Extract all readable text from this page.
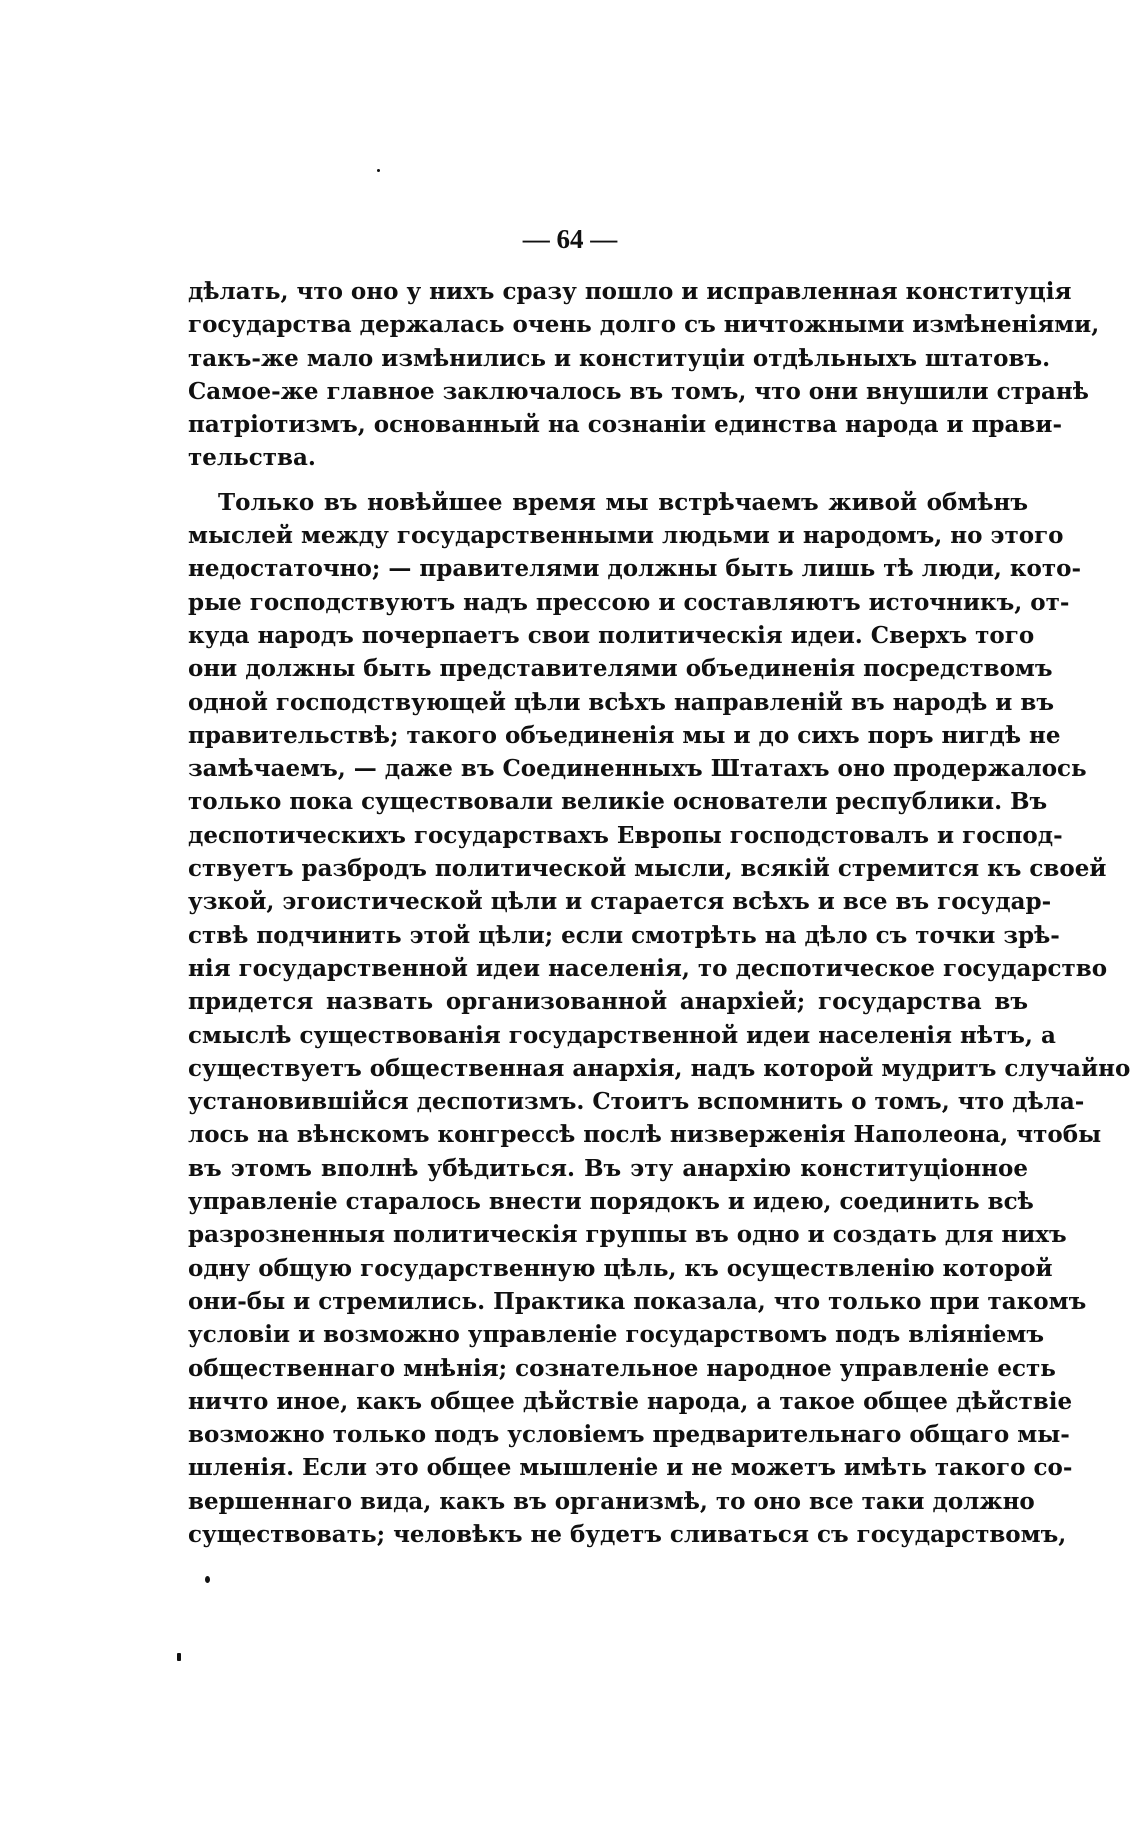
— 64 —
дѣлать, что оно у нихъ сразу пошло и исправленная конституція
государства держалась очень долго съ ничтожными измѣненіями,
такъ-же мало измѣнились и конституціи отдѣльныхъ штатовъ.
Самое-же главное заключалось въ томъ, что они внушили странѣ
патріотизмъ, основанный на сознаніи единства народа и прави-
тельства.
Только въ новѣйшее время мы встрѣчаемъ живой обмѣнъ
мыслей между государственными людьми и народомъ, но этого
недостаточно; — правителями должны быть лишь тѣ люди, кото-
рые господствуютъ надъ прессою и составляютъ источникъ, от-
куда народъ почерпаетъ свои политическія идеи. Сверхъ того
они должны быть представителями объединенія посредствомъ
одной господствующей цѣли всѣхъ направленій въ народѣ и въ
правительствѣ; такого объединенія мы и до сихъ поръ нигдѣ не
замѣчаемъ, — даже въ Соединенныхъ Штатахъ оно продержалось
только пока существовали великіе основатели республики. Въ
деспотическихъ государствахъ Европы господстовалъ и господ-
ствуетъ разбродъ политической мысли, всякій стремится къ своей
узкой, эгоистической цѣли и старается всѣхъ и все въ государ-
ствѣ подчинить этой цѣли; если смотрѣть на дѣло съ точки зрѣ-
нія государственной идеи населенія, то деспотическое государство
придется назвать организованной анархіей; государства въ
смыслѣ существованія государственной идеи населенія нѣтъ, а
существуетъ общественная анархія, надъ которой мудритъ случайно
установившійся деспотизмъ. Стоитъ вспомнить о томъ, что дѣла-
лось на вѣнскомъ конгрессѣ послѣ низверженія Наполеона, чтобы
въ этомъ вполнѣ убѣдиться. Въ эту анархію конституціонное
управленіе старалось внести порядокъ и идею, соединить всѣ
разрозненныя политическія группы въ одно и создать для нихъ
одну общую государственную цѣль, къ осуществленію которой
они-бы и стремились. Практика показала, что только при такомъ
условіи и возможно управленіе государствомъ подъ вліяніемъ
общественнаго мнѣнія; сознательное народное управленіе есть
ничто иное, какъ общее дѣйствіе народа, а такое общее дѣйствіе
возможно только подъ условіемъ предварительнаго общаго мы-
шленія. Если это общее мышленіе и не можетъ имѣть такого со-
вершеннаго вида, какъ въ организмѣ, то оно все таки должно
существовать; человѣкъ не будетъ сливаться съ государствомъ,
